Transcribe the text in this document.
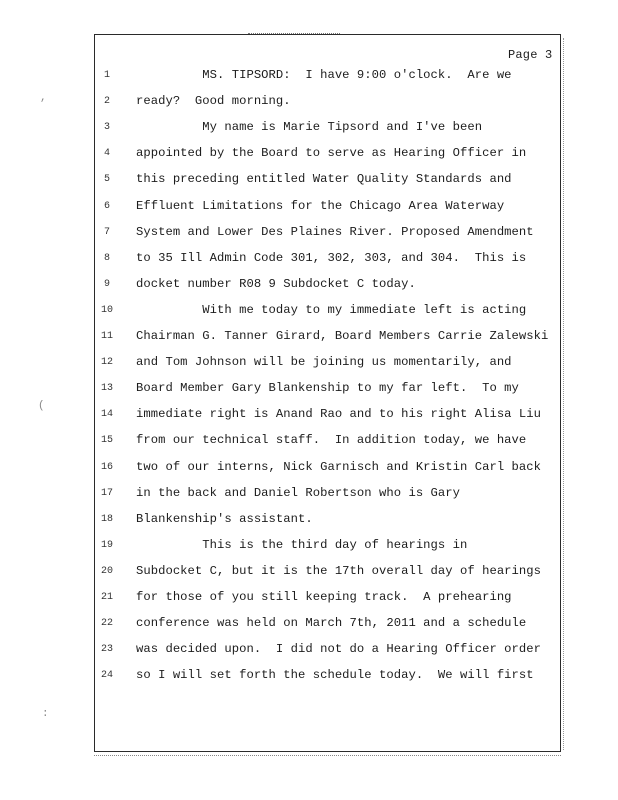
,
(
:
Page 3
1	MS. TIPSORD:  I have 9:00 o'clock.  Are we
2	ready?  Good morning.
3	My name is Marie Tipsord and I've been
4	appointed by the Board to serve as Hearing Officer in
5	this preceding entitled Water Quality Standards and
6	Effluent Limitations for the Chicago Area Waterway
7	System and Lower Des Plaines River. Proposed Amendment
8	to 35 Ill Admin Code 301, 302, 303, and 304.  This is
9	docket number R08 9 Subdocket C today.
10	With me today to my immediate left is acting
11	Chairman G. Tanner Girard, Board Members Carrie Zalewski
12	and Tom Johnson will be joining us momentarily, and
13	Board Member Gary Blankenship to my far left.  To my
14	immediate right is Anand Rao and to his right Alisa Liu
15	from our technical staff.  In addition today, we have
16	two of our interns, Nick Garnisch and Kristin Carl back
17	in the back and Daniel Robertson who is Gary
18	Blankenship's assistant.
19	This is the third day of hearings in
20	Subdocket C, but it is the 17th overall day of hearings
21	for those of you still keeping track.  A prehearing
22	conference was held on March 7th, 2011 and a schedule
23	was decided upon.  I did not do a Hearing Officer order
24	so I will set forth the schedule today.  We will first
